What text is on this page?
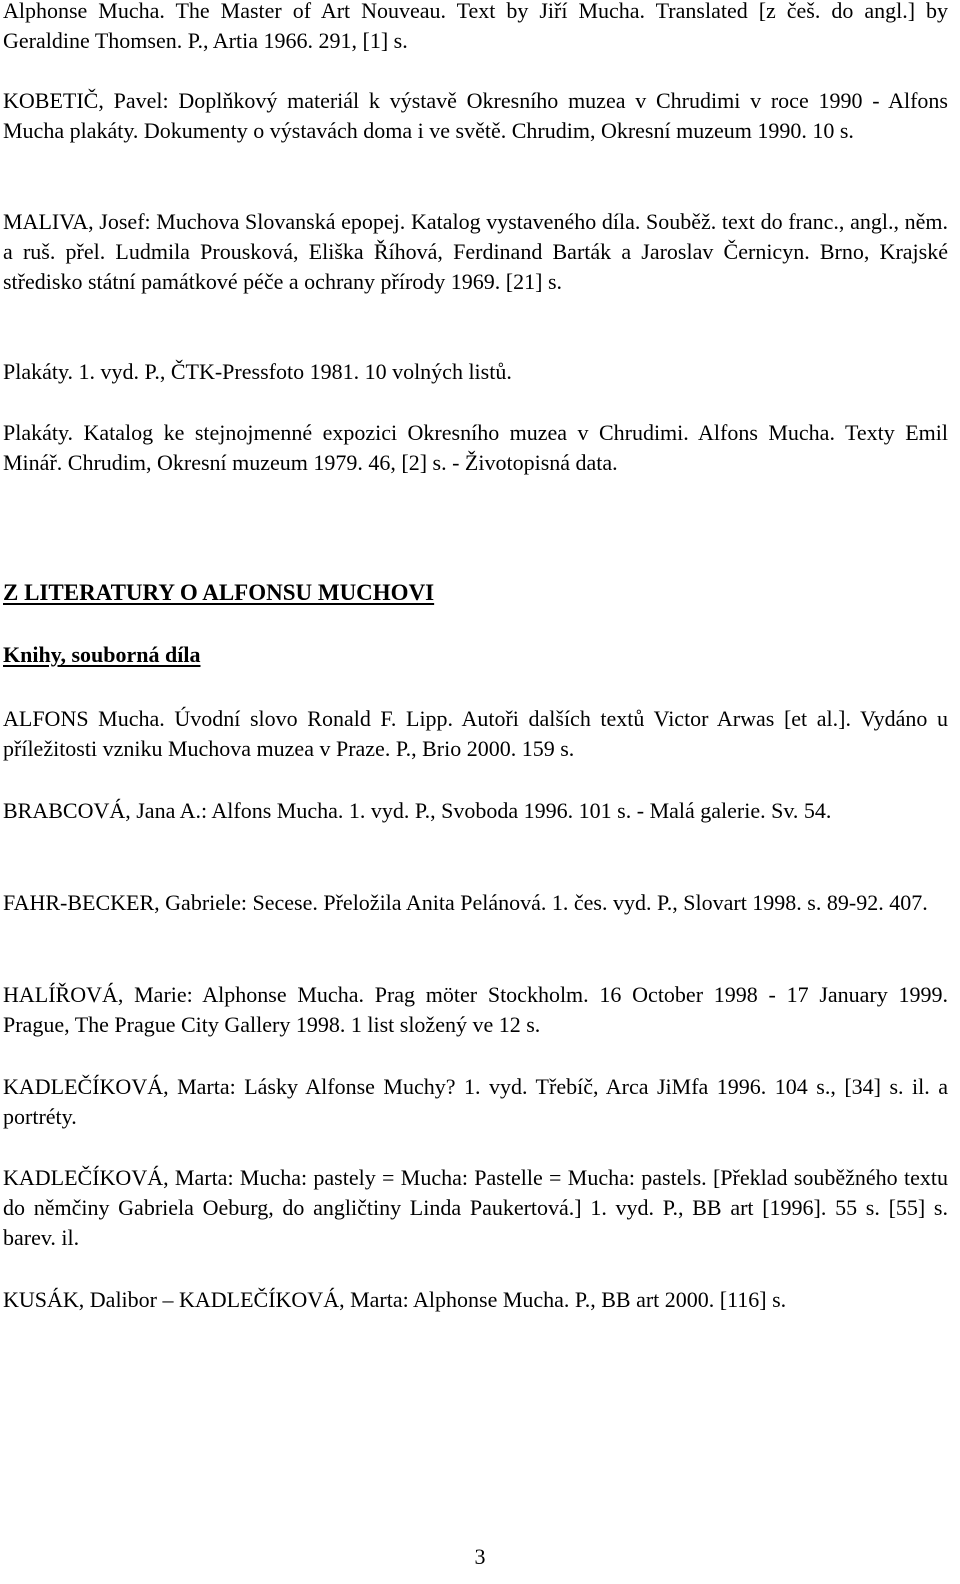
Alphonse Mucha. The Master of Art Nouveau. Text by Jiří Mucha. Translated [z češ. do angl.] by Geraldine Thomsen. P., Artia 1966. 291, [1] s.

KOBETIČ, Pavel: Doplňkový materiál k výstavě Okresního muzea v Chrudimi v roce 1990 - Alfons Mucha plakáty. Dokumenty o výstavách doma i ve světě. Chrudim, Okresní muzeum 1990. 10 s.

MALIVA, Josef: Muchova Slovanská epopej. Katalog vystaveného díla. Souběž. text do franc., angl., něm. a ruš. přel. Ludmila Prousková, Eliška Říhová, Ferdinand Barták a Jaroslav Černicyn. Brno, Krajské středisko státní památkové péče a ochrany přírody 1969. [21] s.

Plakáty. 1. vyd. P., ČTK-Pressfoto 1981. 10 volných listů.

Plakáty. Katalog ke stejnojmenné expozici Okresního muzea v Chrudimi. Alfons Mucha. Texty Emil Minář. Chrudim, Okresní muzeum 1979. 46, [2] s. - Životopisná data.

Z LITERATURY O ALFONSU MUCHOVI
Knihy, souborná díla

ALFONS Mucha. Úvodní slovo Ronald F. Lipp. Autoři dalších textů Victor Arwas [et al.]. Vydáno u příležitosti vzniku Muchova muzea v Praze. P., Brio 2000. 159 s.

BRABCOVÁ, Jana A.: Alfons Mucha. 1. vyd. P., Svoboda 1996. 101 s. - Malá galerie. Sv. 54.

FAHR-BECKER, Gabriele: Secese. Přeložila Anita Pelánová. 1. čes. vyd. P., Slovart 1998. s. 89-92. 407.

HALÍŘOVÁ, Marie: Alphonse Mucha. Prag möter Stockholm. 16 October 1998 - 17 January 1999. Prague, The Prague City Gallery 1998. 1 list složený ve 12 s.

KADLEČÍKOVÁ, Marta: Lásky Alfonse Muchy? 1. vyd. Třebíč, Arca JiMfa 1996. 104 s., [34] s. il. a portréty.

KADLEČÍKOVÁ, Marta: Mucha: pastely = Mucha: Pastelle = Mucha: pastels. [Překlad souběžného textu do němčiny Gabriela Oeburg, do angličtiny Linda Paukertová.] 1. vyd. P., BB art [1996]. 55 s. [55] s. barev. il.

KUSÁK, Dalibor – KADLEČÍKOVÁ, Marta: Alphonse Mucha. P., BB art 2000. [116] s.

3
